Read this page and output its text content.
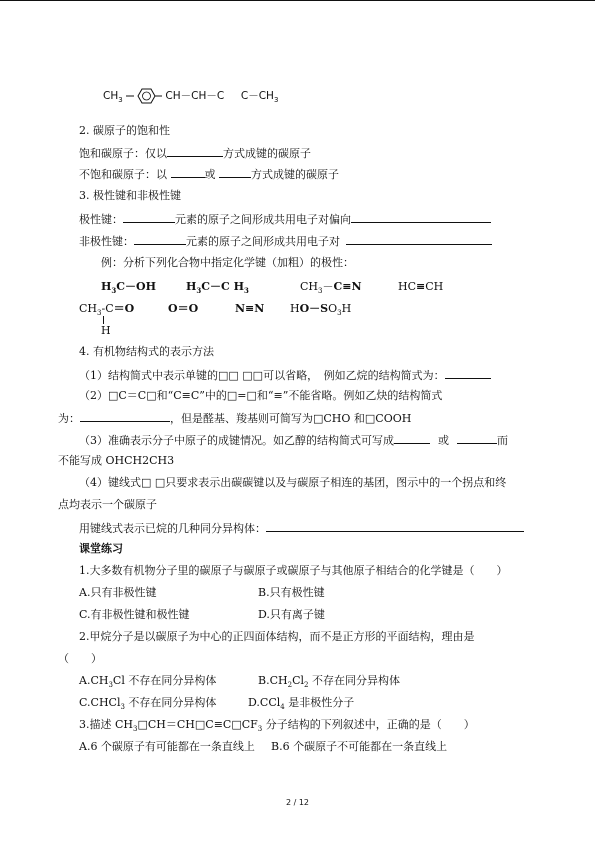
$CH_3$	CH－CH－C $C-CH_3$
2. 碳原子的饱和性
饱和碳原子：仅以	方式成键的碳原子
不饱和碳原子：以	或	方式成键的碳原子
3. 极性键和非极性键
极性键：	元素的原子之间形成共用电子对偏向
非极性键：	元素的原子之间形成共用电子对
例：分析下列化合物中指定化学键（加粗）的极性：
$H_3C-OH$	$H_3C-C$ $H_3$	$CH_3-C\equiv N$	HC≡CH
$CH_3-C=O$
H
O＝O	N≡N $HO-SO_3H$
4. 有机物结构式的表示方法
（1）结构简式中表示单键的□□ □□可以省略，　例如乙烷的结构简式为：
（2）□C＝C□和“C≡C”中的□=□和“≡”不能省略。例如乙炔的结构简式
为：	，但是醛基、羧基则可简写为□CHO 和□COOH
（3）准确表示分子中原子的成键情况。如乙醇的结构简式可写成	或	而
不能写成 OHCH2CH3
（4）键线式□ □只要求表示出碳碳键以及与碳原子相连的基团，图示中的一个拐点和终
点均表示一个碳原子
用键线式表示已烷的几种同分异构体：
课堂练习
1.大多数有机物分子里的碳原子与碳原子或碳原子与其他原子相结合的化学键是（　　）
A.只有非极性键	B.只有极性键
C.有非极性键和极性键	D.只有离子键
2.甲烷分子是以碳原子为中心的正四面体结构，而不是正方形的平面结构，理由是
（　　）
$A.CH_3Cl$ 不存在同分异构体	$B.CH_2Cl_2$ 不存在同分异构体
C.CHCl$_3$ 不存在同分异构体	D.CCl$_4$ 是非极性分子
3.描述 $CH_3□CH=CH□C\equiv C□CF_3$ 分子结构的下列叙述中，正确的是（　　）
A.6 个碳原子有可能都在一条直线上 B.6 个碳原子不可能都在一条直线上
2 / 12
